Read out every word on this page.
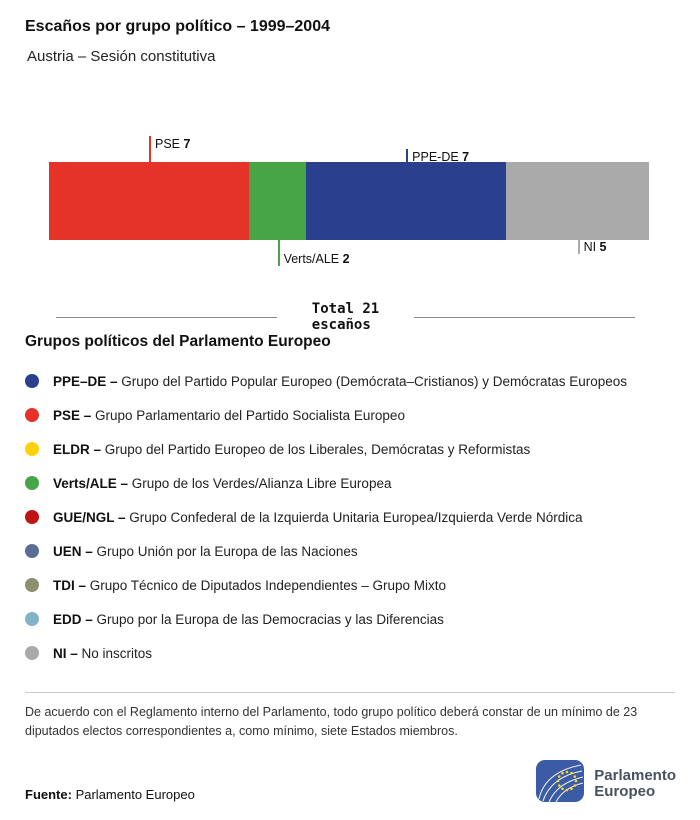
Escaños por grupo político – 1999–2004
Austria – Sesión constitutiva
PSE 7
Verts/ALE 2
PPE-DE 7
NI 5
Total 21
escaños
Grupos políticos del Parlamento Europeo
PPE–DE – Grupo del Partido Popular Europeo (Demócrata–Cristianos) y Demócratas Europeos
PSE – Grupo Parlamentario del Partido Socialista Europeo
ELDR – Grupo del Partido Europeo de los Liberales, Demócratas y Reformistas
Verts/ALE – Grupo de los Verdes/Alianza Libre Europea
GUE/NGL – Grupo Confederal de la Izquierda Unitaria Europea/Izquierda Verde Nórdica
UEN – Grupo Unión por la Europa de las Naciones
TDI – Grupo Técnico de Diputados Independientes – Grupo Mixto
EDD – Grupo por la Europa de las Democracias y las Diferencias
NI – No inscritos

De acuerdo con el Reglamento interno del Parlamento, todo grupo político deberá constar de un mínimo de 23 diputados electos correspondientes a, como mínimo, siete Estados miembros.

Fuente: Parlamento Europeo

Parlamento
Europeo
